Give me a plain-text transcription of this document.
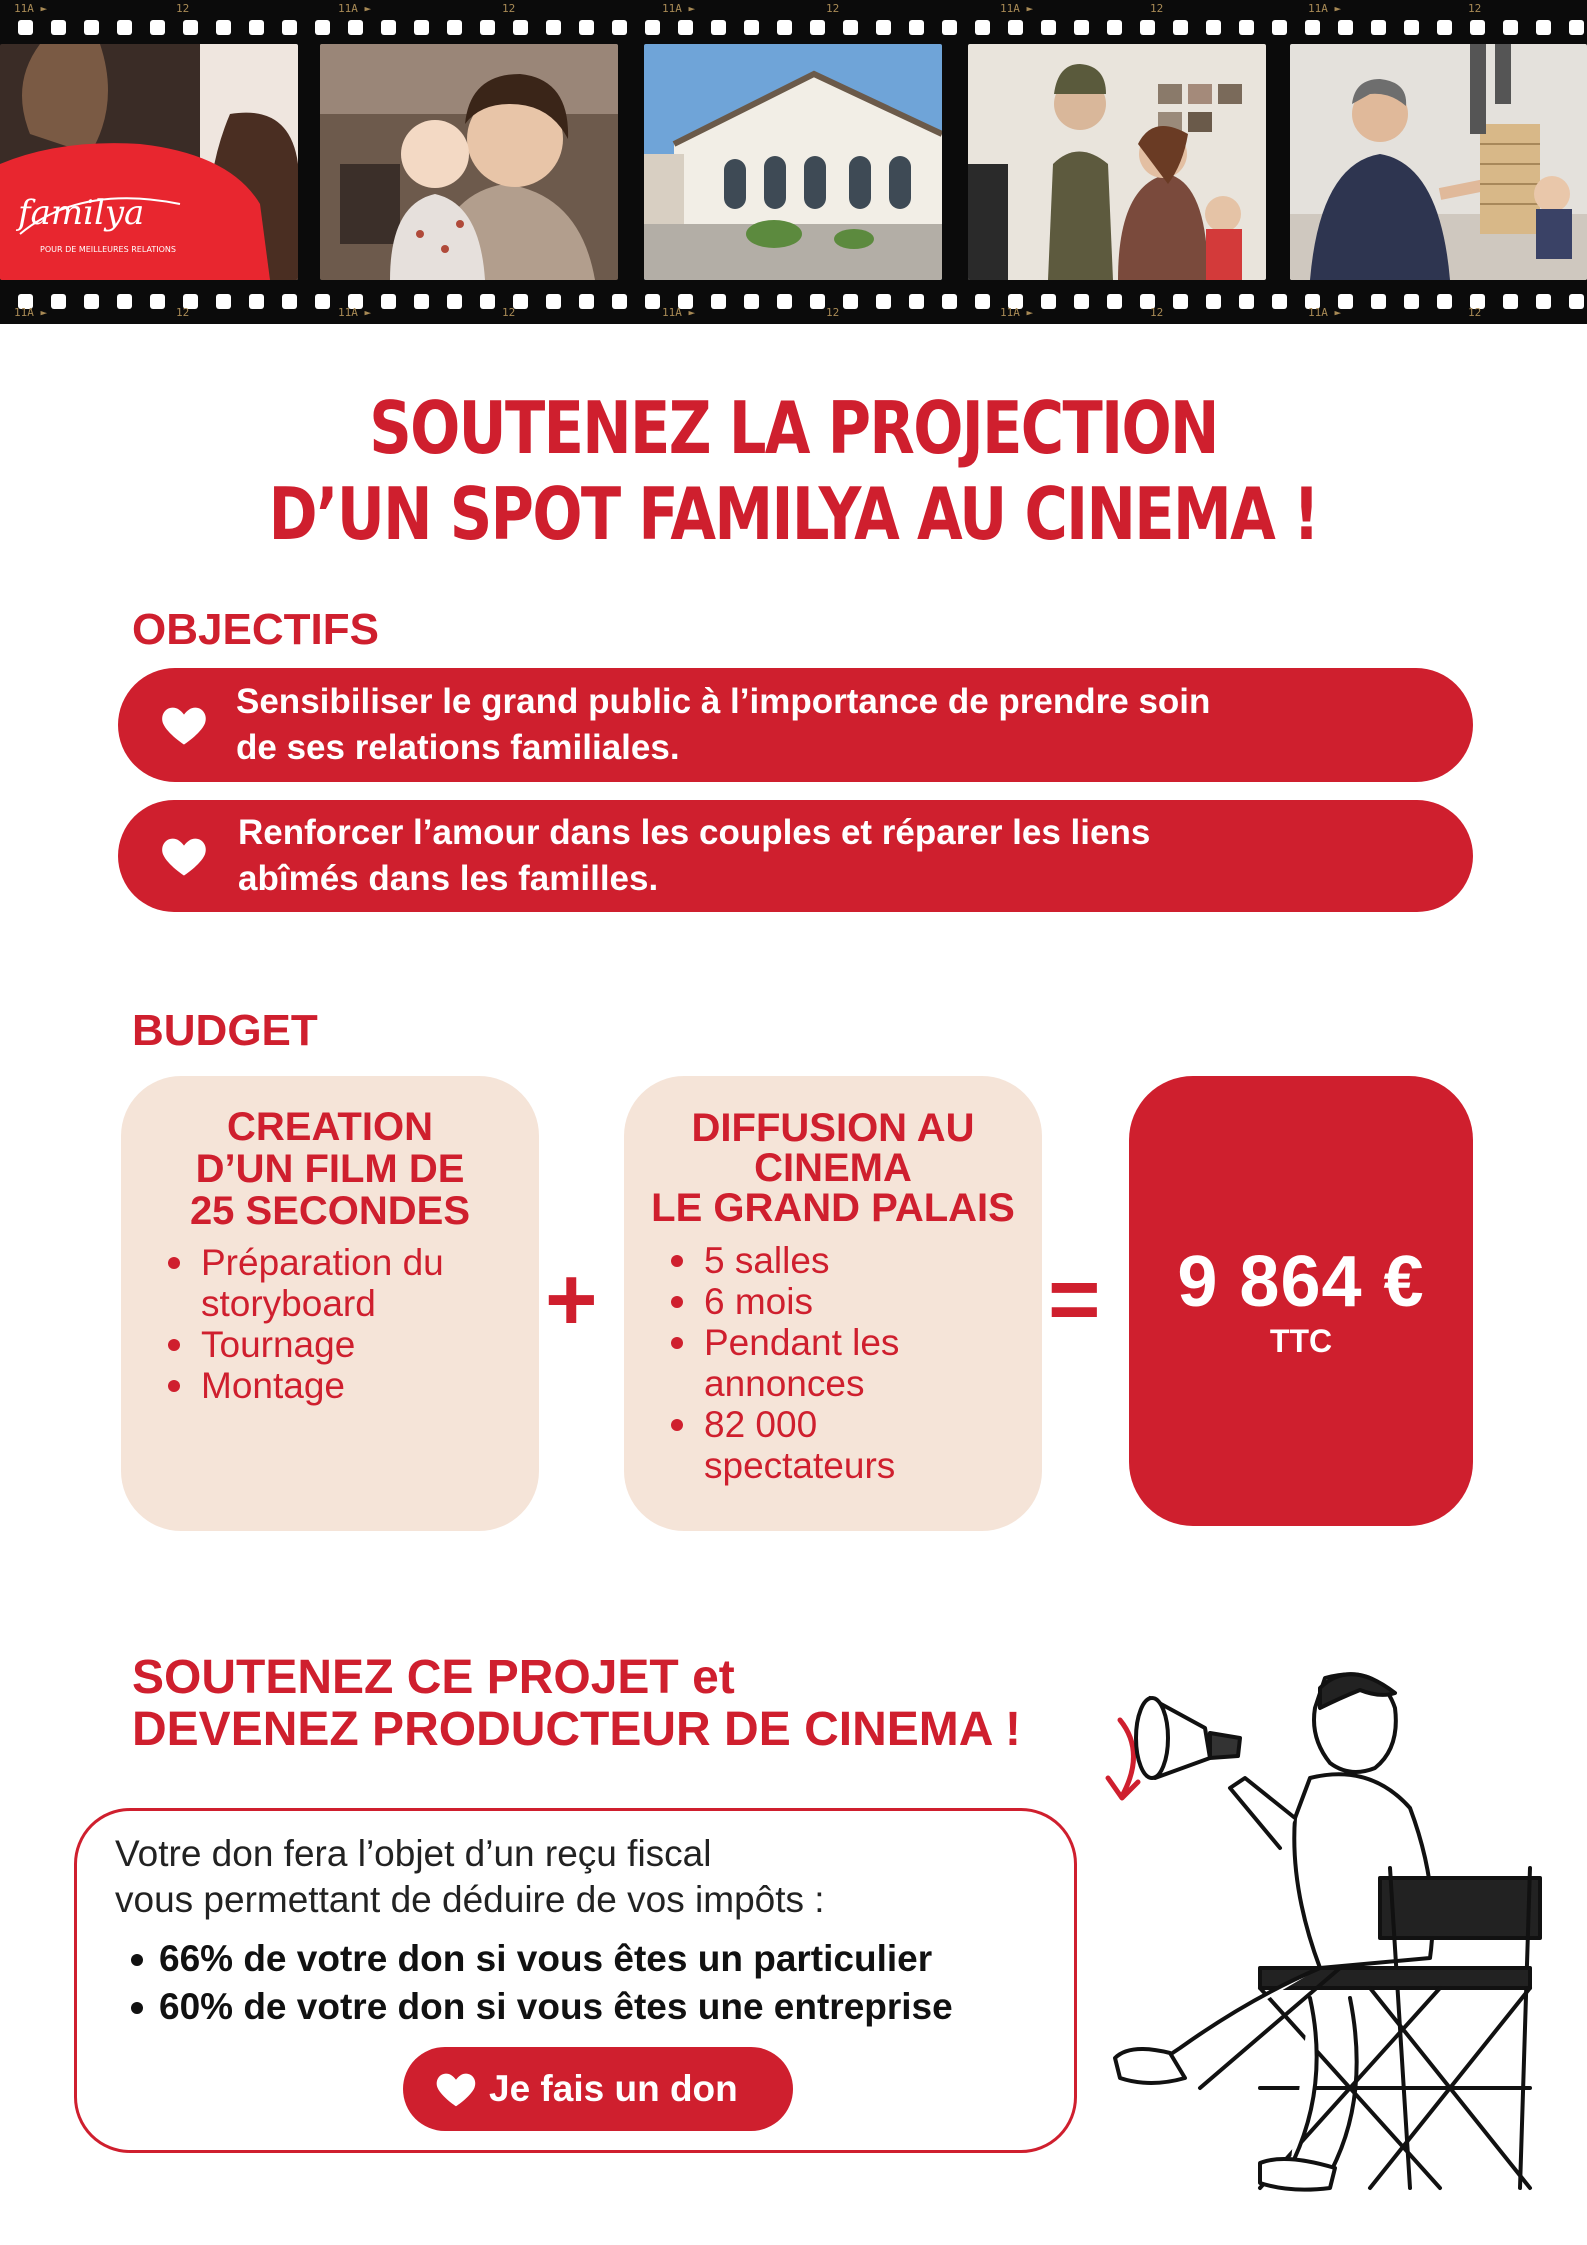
11A ►	12	11A ►	12	11A ►	12	11A ►	12	11A ►	12
11A ►	12	11A ►	12	11A ►	12	11A ►	12	11A ►	12
familya
POUR DE MEILLEURES RELATIONS
SOUTENEZ LA PROJECTION
D’UN SPOT FAMILYA AU CINEMA !
OBJECTIFS
Sensibiliser le grand public à l’importance de prendre soin
de ses relations familiales.
Renforcer l’amour dans les couples et réparer les liens
abîmés dans les familles.
BUDGET
CREATION
D’UN FILM DE
25 SECONDES
Préparation du storyboard
Tournage
Montage
+
DIFFUSION AU
CINEMA
LE GRAND PALAIS
5 salles
6 mois
Pendant les annonces
82 000 spectateurs
=	9 864 €
TTC
SOUTENEZ CE PROJET et
DEVENEZ PRODUCTEUR DE CINEMA !
Votre don fera l’objet d’un reçu fiscal
vous permettant de déduire de vos impôts :
66% de votre don si vous êtes un particulier
60% de votre don si vous êtes une entreprise
Je fais un don
